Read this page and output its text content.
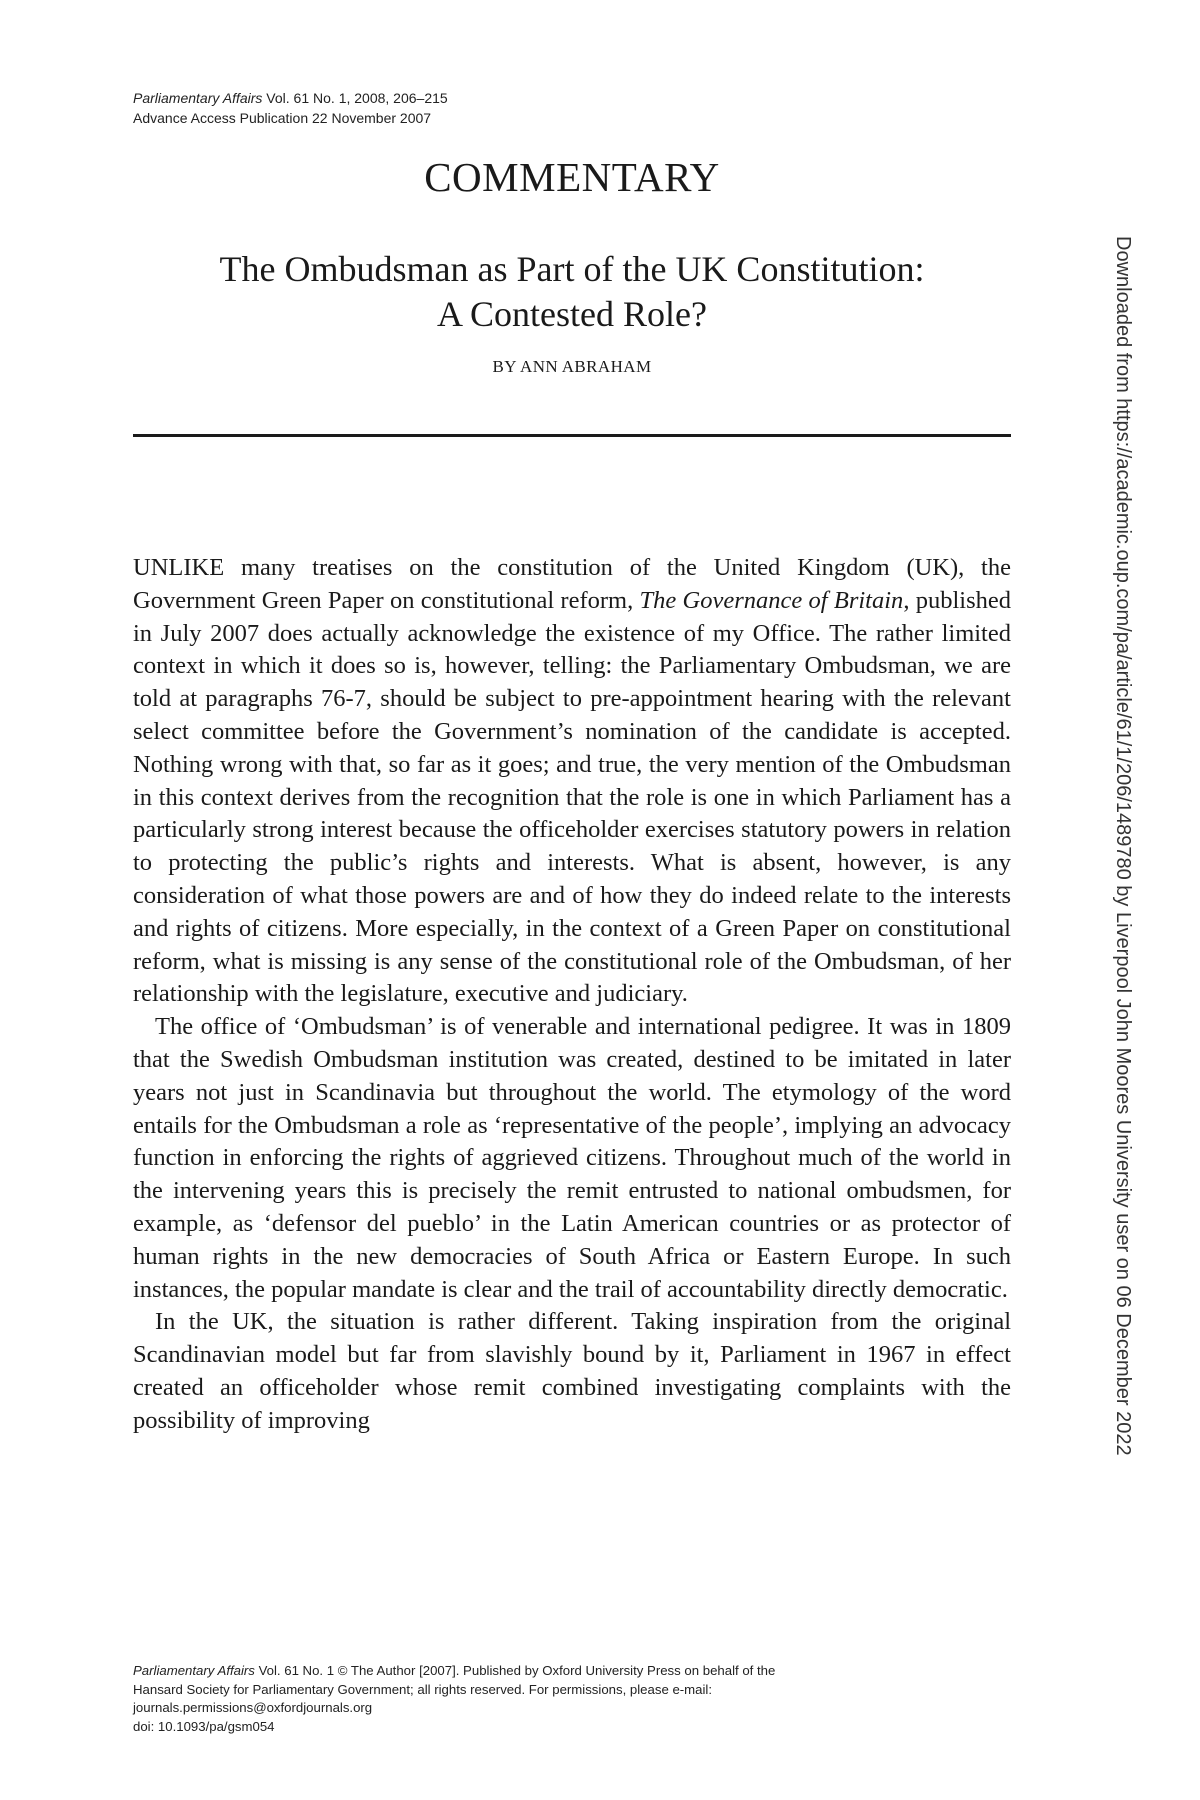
Parliamentary Affairs Vol. 61 No. 1, 2008, 206–215
Advance Access Publication 22 November 2007
COMMENTARY
The Ombudsman as Part of the UK Constitution:
A Contested Role?
BY ANN ABRAHAM

UNLIKE many treatises on the constitution of the United Kingdom (UK), the Government Green Paper on constitutional reform, The Governance of Britain, published in July 2007 does actually acknowledge the existence of my Office. The rather limited context in which it does so is, however, telling: the Parliamentary Ombudsman, we are told at paragraphs 76-7, should be subject to pre-appointment hearing with the relevant select committee before the Government’s nomination of the candidate is accepted. Nothing wrong with that, so far as it goes; and true, the very mention of the Ombudsman in this context derives from the recognition that the role is one in which Parliament has a particularly strong interest because the officeholder exercises statutory powers in relation to protecting the public’s rights and interests. What is absent, however, is any consideration of what those powers are and of how they do indeed relate to the interests and rights of citizens. More especially, in the context of a Green Paper on constitutional reform, what is missing is any sense of the constitutional role of the Ombudsman, of her relationship with the legislature, executive and judiciary.

The office of ‘Ombudsman’ is of venerable and international pedigree. It was in 1809 that the Swedish Ombudsman institution was created, destined to be imitated in later years not just in Scandinavia but throughout the world. The etymology of the word entails for the Ombudsman a role as ‘representative of the people’, implying an advocacy function in enforcing the rights of aggrieved citizens. Throughout much of the world in the intervening years this is precisely the remit entrusted to national ombudsmen, for example, as ‘defensor del pueblo’ in the Latin American countries or as protector of human rights in the new democracies of South Africa or Eastern Europe. In such instances, the popular mandate is clear and the trail of accountability directly democratic.

In the UK, the situation is rather different. Taking inspiration from the original Scandinavian model but far from slavishly bound by it, Parliament in 1967 in effect created an officeholder whose remit combined investigating complaints with the possibility of improving

Parliamentary Affairs Vol. 61 No. 1 © The Author [2007]. Published by Oxford University Press on behalf of the
Hansard Society for Parliamentary Government; all rights reserved. For permissions, please e-mail:
journals.permissions@oxfordjournals.org
doi: 10.1093/pa/gsm054
Downloaded from https://academic.oup.com/pa/article/61/1/206/1489780 by Liverpool John Moores University user on 06 December 2022
